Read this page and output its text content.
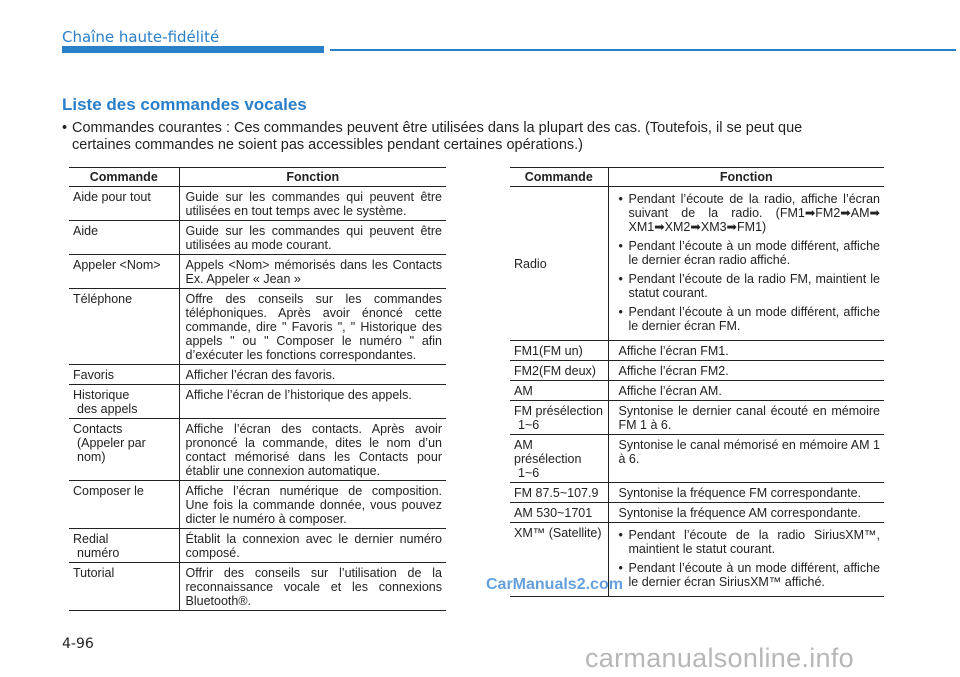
Chaîne haute-fidélité
Liste des commandes vocales
• Commandes courantes : Ces commandes peuvent être utilisées dans la plupart des cas. (Toutefois, il se peut que
certaines commandes ne soient pas accessibles pendant certaines opérations.)
Commande	Fonction
Aide pour tout	Guide sur les commandes qui peuvent être utilisées en tout temps avec le système.
Aide	Guide sur les commandes qui peuvent être utilisées au mode courant.
Appeler <Nom>	Appels <Nom> mémorisés dans les Contacts Ex. Appeler « Jean »
Téléphone	Offre des conseils sur les commandes téléphoniques. Après avoir énoncé cette commande, dire " Favoris ", " Historique des appels " ou " Composer le numéro " afin d’exécuter les fonctions correspondantes.
Favoris	Afficher l’écran des favoris.
Historique
des appels	Affiche l’écran de l’historique des appels.
Contacts
(Appeler par nom)	Affiche l’écran des contacts. Après avoir prononcé la commande, dites le nom d’un contact mémorisé dans les Contacts pour établir une connexion automatique.
Composer le	Affiche l’écran numérique de composition. Une fois la commande donnée, vous pouvez dicter le numéro à composer.
Redial
numéro	Établit la connexion avec le dernier numéro composé.
Tutorial	Offrir des conseils sur l’utilisation de la reconnaissance vocale et les connexions Bluetooth®.
Commande	Fonction
Radio	• Pendant l’écoute de la radio, affiche l’écran suivant de la radio. (FM1➡FM2➡AM➡ XM1➡XM2➡XM3➡FM1)
• Pendant l’écoute à un mode différent, affiche le dernier écran radio affiché.
• Pendant l’écoute de la radio FM, maintient le statut courant.
• Pendant l’écoute à un mode différent, affiche le dernier écran FM.

FM1(FM un)	Affiche l’écran FM1.
FM2(FM deux)	Affiche l’écran FM2.
AM	Affiche l’écran AM.
FM présélection
1~6	Syntonise le dernier canal écouté en mémoire FM 1 à 6.
AM présélection
1~6	Syntonise le canal mémorisé en mémoire AM 1 à 6.
FM 87.5~107.9	Syntonise la fréquence FM correspondante.
AM 530~1701	Syntonise la fréquence AM correspondante.
XM™ (Satellite)	• Pendant l’écoute de la radio SiriusXM™, maintient le statut courant.
• Pendant l’écoute à un mode différent, affiche le dernier écran SiriusXM™ affiché.
CarManuals2.com
4-96	carmanualsonline.info
